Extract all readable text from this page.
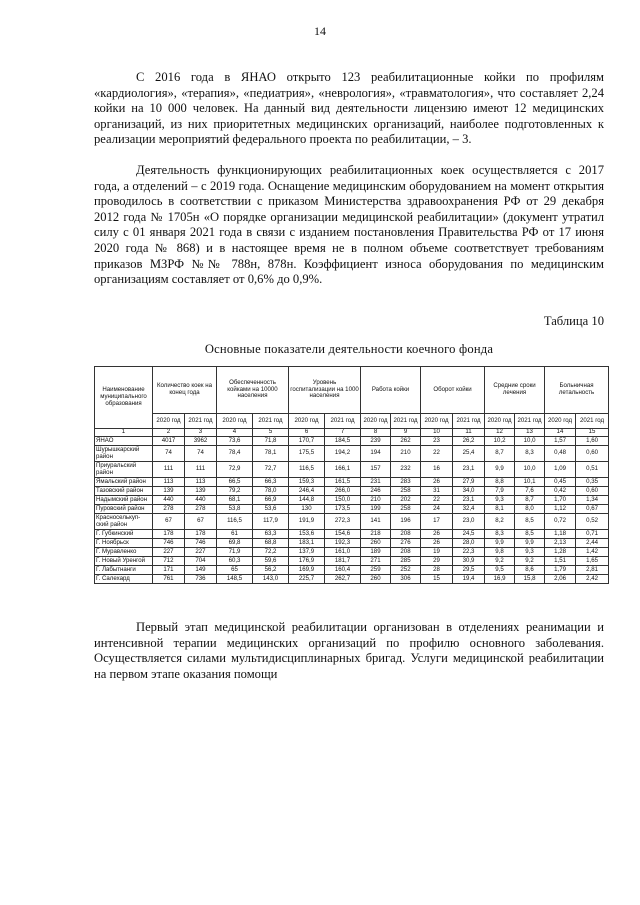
14

С 2016 года в ЯНАО открыто 123 реабилитационные койки по профилям «кардиология», «терапия», «педиатрия», «неврология», «травматология», что составляет 2,24 койки на 10 000 человек. На данный вид деятельности лицензию имеют 12 медицинских организаций, из них приоритетных медицинских организаций, наиболее подготовленных к реализации мероприятий федерального проекта по реабилитации, – 3.

Деятельность функционирующих реабилитационных коек осуществляется с 2017 года, а отделений – с 2019 года. Оснащение медицинским оборудованием на момент открытия проводилось в соответствии с приказом Министерства здравоохранения РФ от 29 декабря 2012 года № 1705н «О порядке организации медицинской реабилитации» (документ утратил силу с 01 января 2021 года в связи с изданием постановления Правительства РФ от 17 июня 2020 года № 868) и в настоящее время не в полном объеме соответствует требованиям приказов МЗРФ №№ 788н, 878н. Коэффициент износа оборудования по медицинским организациям составляет от 0,6% до 0,9%.

Таблица 10
Основные показатели деятельности коечного фонда
Наименование муниципального образования	Количество коек на конец года		Обеспеченность койками на 10000 населения		Уровень госпитализации на 1000 населения		Работа койки		Оборот койки		Средние сроки лечения		Больничная летальность	
	2020 год	2021 год	2020 год	2021 год	2020 год	2021 год	2020 год	2021 год	2020 год	2021 год	2020 год	2021 год	2020 год	2021 год
1	2	3	4	5	6	7	8	9	10	11	12	13	14	15
ЯНАО	4017	3962	73,6	71,8	170,7	184,5	239	262	23	26,2	10,2	10,0	1,57	1,60
Шурышкарский район	74	74	78,4	78,1	175,5	194,2	194	210	22	25,4	8,7	8,3	0,48	0,60
Приуральский район	111	111	72,9	72,7	116,5	166,1	157	232	16	23,1	9,9	10,0	1,09	0,51
Ямальский район	113	113	66,5	66,3	159,3	161,5	231	283	26	27,9	8,8	10,1	0,45	0,35
Тазовский район	139	139	79,2	78,0	246,4	266,0	246	258	31	34,0	7,9	7,6	0,42	0,60
Надымский район	440	440	68,1	66,9	144,8	150,0	210	202	22	23,1	9,3	8,7	1,70	1,34
Пуровский район	278	278	53,8	53,6	130	173,5	199	258	24	32,4	8,1	8,0	1,12	0,67
Красноселькуп-ский район	67	67	116,5	117,9	191,9	272,3	141	196	17	23,0	8,2	8,5	0,72	0,52
Г. Губкинский	178	178	61	63,3	153,6	154,6	218	208	26	24,5	8,3	8,5	1,18	0,71
Г. Ноябрьск	746	746	69,8	68,8	183,1	192,3	260	276	26	28,0	9,9	9,9	2,13	2,44
Г. Муравленко	227	227	71,9	72,2	137,9	161,0	189	208	19	22,3	9,8	9,3	1,28	1,42
Г. Новый Уренгой	712	704	60,3	59,6	176,9	181,7	271	285	29	30,9	9,2	9,2	1,51	1,65
Г. Лабытнанги	171	149	65	56,2	169,9	160,4	259	252	28	29,5	9,5	8,6	1,79	2,81
Г. Салехард	761	736	148,5	143,0	225,7	262,7	260	306	15	19,4	16,9	15,8	2,06	2,42

Первый этап медицинской реабилитации организован в отделениях реанимации и интенсивной терапии медицинских организаций по профилю основного заболевания. Осуществляется силами мультидисциплинарных бригад. Услуги медицинской реабилитации на первом этапе оказания помощи
